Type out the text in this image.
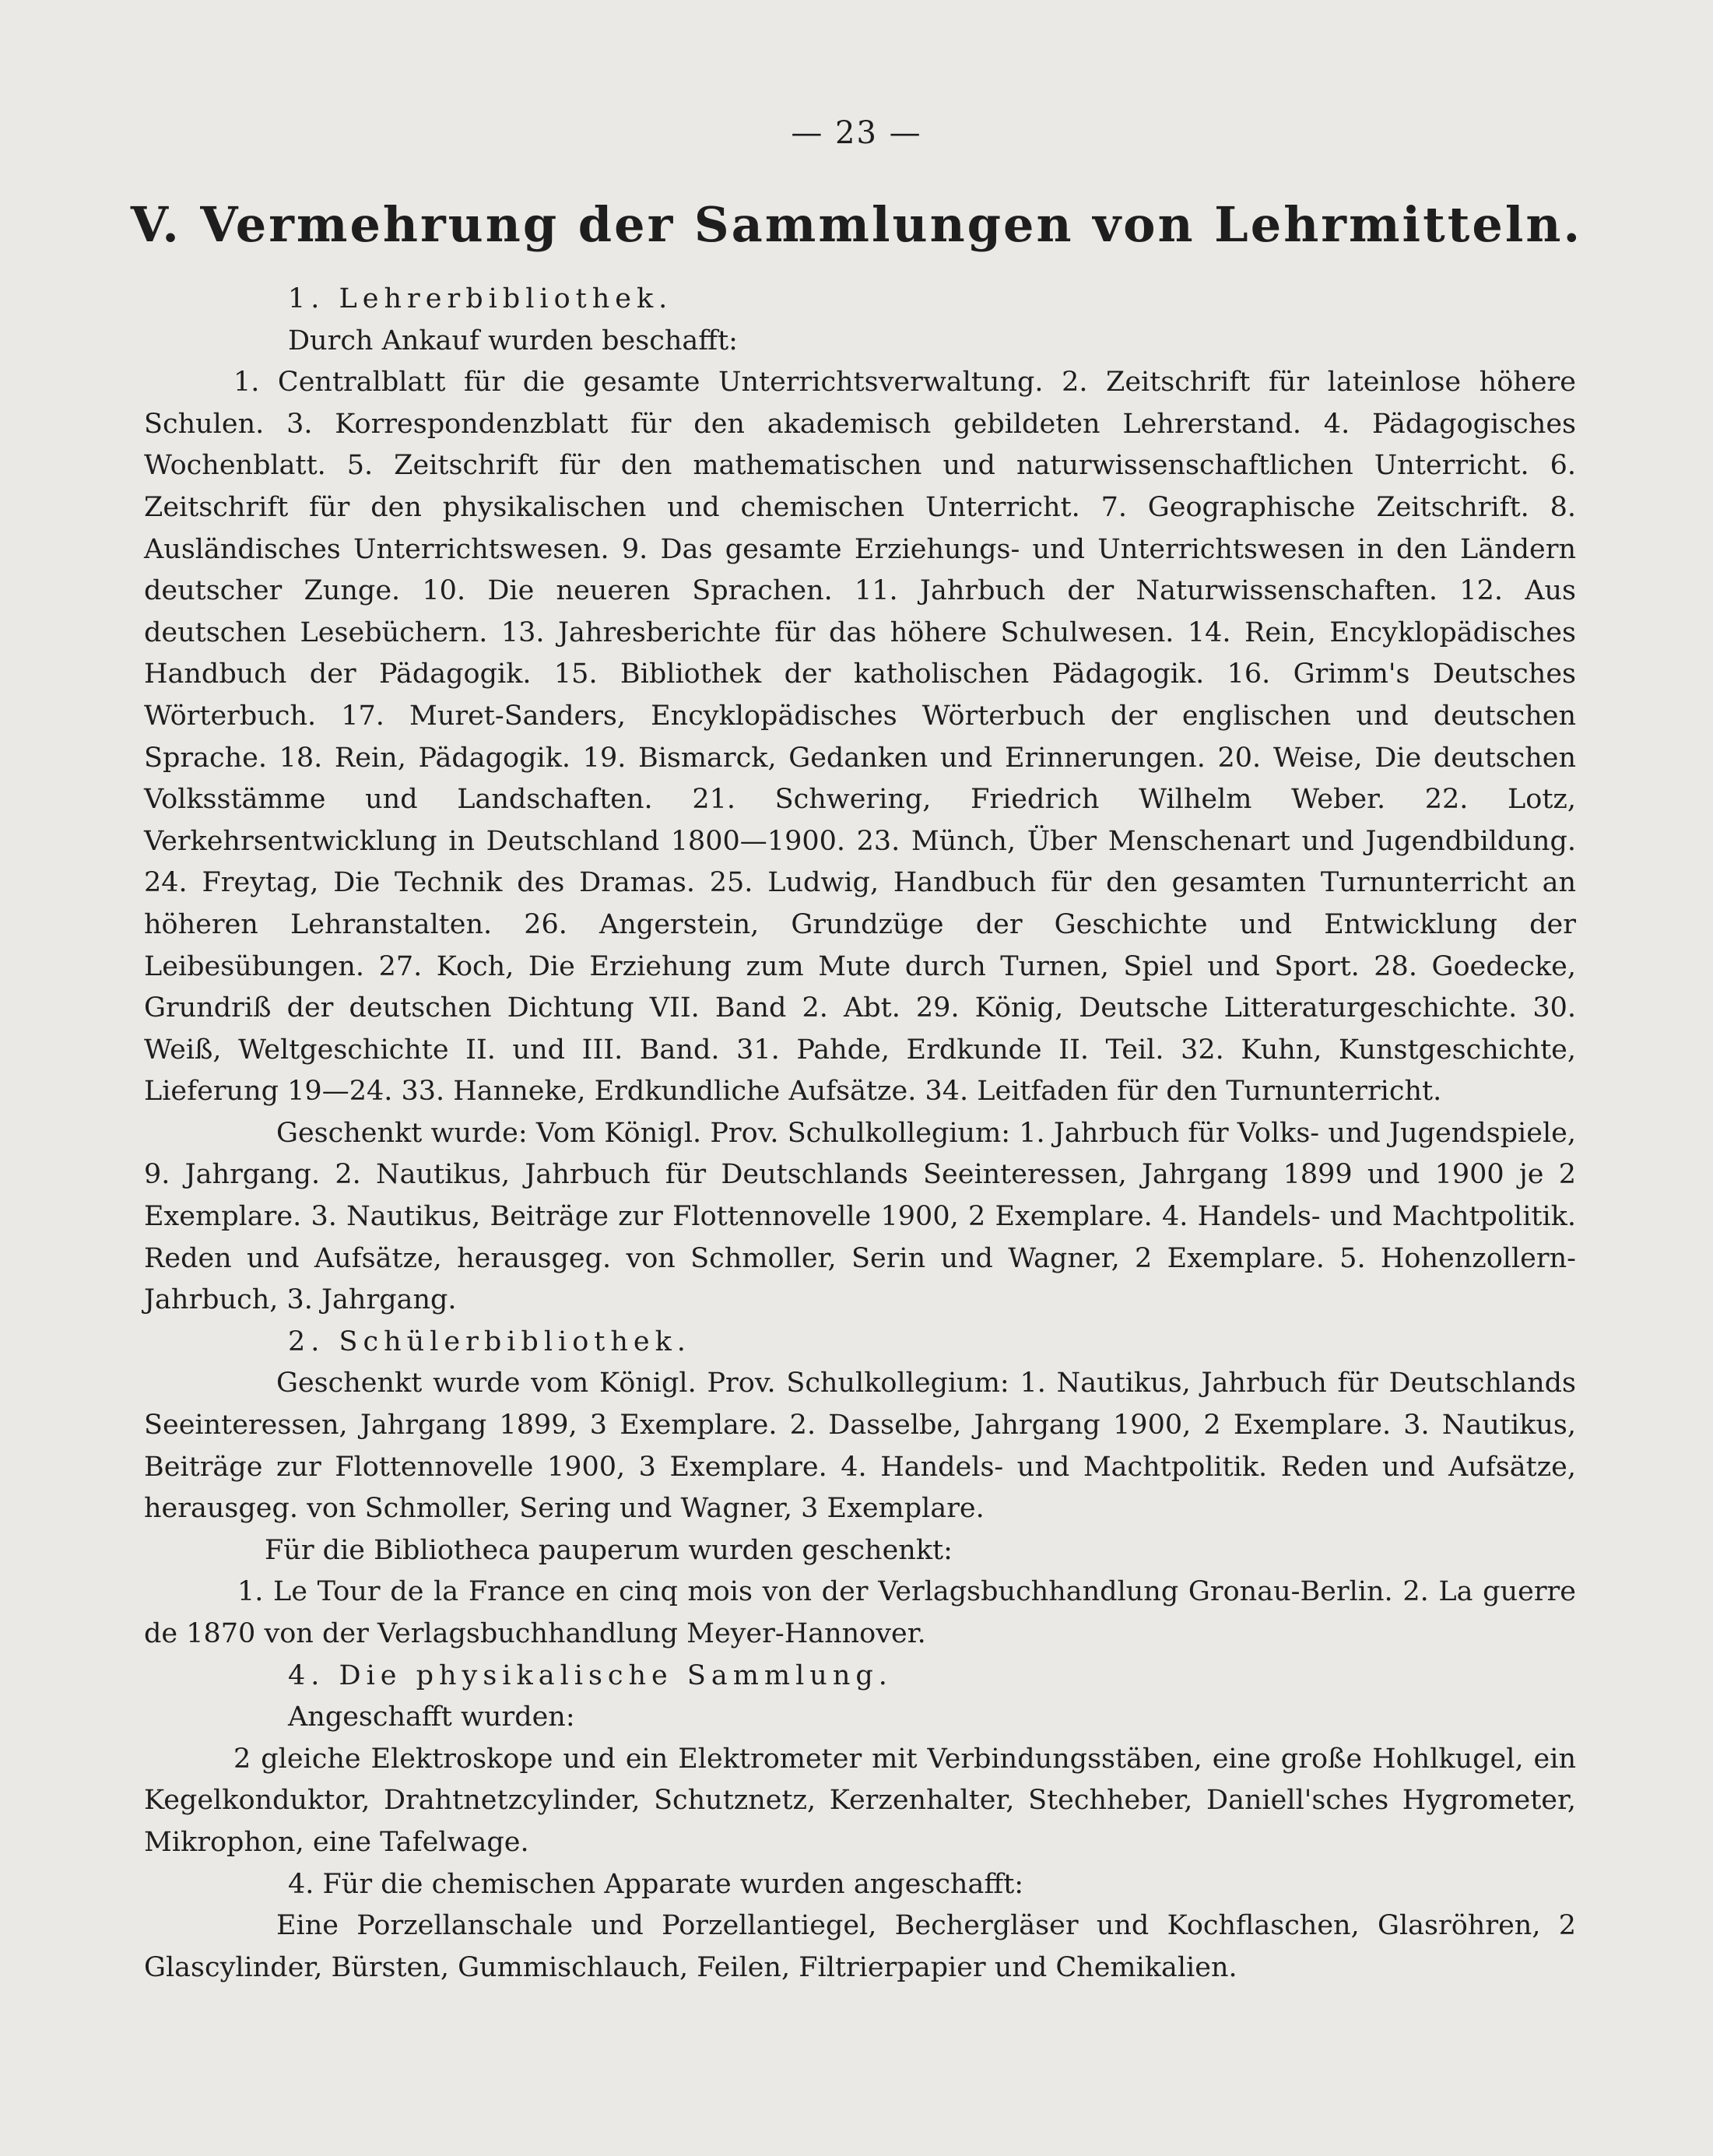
— 23 —
V. Vermehrung der Sammlungen von Lehrmitteln.

1. Lehrerbibliothek.

Durch Ankauf wurden beschafft:

1. Centralblatt für die gesamte Unterrichtsverwaltung. 2. Zeitschrift für lateinlose höhere Schulen. 3. Korrespondenzblatt für den akademisch gebildeten Lehrerstand. 4. Pädagogisches Wochenblatt. 5. Zeitschrift für den mathematischen und naturwissenschaftlichen Unterricht. 6. Zeitschrift für den physikalischen und chemischen Unterricht. 7. Geographische Zeitschrift. 8. Ausländisches Unterrichtswesen. 9. Das gesamte Erziehungs- und Unterrichtswesen in den Ländern deutscher Zunge. 10. Die neueren Sprachen. 11. Jahrbuch der Naturwissenschaften. 12. Aus deutschen Lesebüchern. 13. Jahresberichte für das höhere Schulwesen. 14. Rein, Encyklopädisches Handbuch der Pädagogik. 15. Bibliothek der katholischen Pädagogik. 16. Grimm's Deutsches Wörterbuch. 17. Muret-Sanders, Encyklopädisches Wörterbuch der englischen und deutschen Sprache. 18. Rein, Pädagogik. 19. Bismarck, Gedanken und Erinnerungen. 20. Weise, Die deutschen Volksstämme und Landschaften. 21. Schwering, Friedrich Wilhelm Weber. 22. Lotz, Verkehrsentwicklung in Deutschland 1800—1900. 23. Münch, Über Menschenart und Jugendbildung. 24. Freytag, Die Technik des Dramas. 25. Ludwig, Handbuch für den gesamten Turnunterricht an höheren Lehranstalten. 26. Angerstein, Grundzüge der Geschichte und Entwicklung der Leibesübungen. 27. Koch, Die Erziehung zum Mute durch Turnen, Spiel und Sport. 28. Goedecke, Grundriß der deutschen Dichtung VII. Band 2. Abt. 29. König, Deutsche Litteraturgeschichte. 30. Weiß, Weltgeschichte II. und III. Band. 31. Pahde, Erdkunde II. Teil. 32. Kuhn, Kunstgeschichte, Lieferung 19—24. 33. Hanneke, Erdkundliche Aufsätze. 34. Leitfaden für den Turnunterricht.

Geschenkt wurde: Vom Königl. Prov. Schulkollegium: 1. Jahrbuch für Volks- und Jugendspiele, 9. Jahrgang. 2. Nautikus, Jahrbuch für Deutschlands Seeinteressen, Jahrgang 1899 und 1900 je 2 Exemplare. 3. Nautikus, Beiträge zur Flottennovelle 1900, 2 Exemplare. 4. Handels- und Machtpolitik. Reden und Aufsätze, herausgeg. von Schmoller, Serin und Wagner, 2 Exemplare. 5. Hohenzollern-Jahrbuch, 3. Jahrgang.

2. Schülerbibliothek.

Geschenkt wurde vom Königl. Prov. Schulkollegium: 1. Nautikus, Jahrbuch für Deutschlands Seeinteressen, Jahrgang 1899, 3 Exemplare. 2. Dasselbe, Jahrgang 1900, 2 Exemplare. 3. Nautikus, Beiträge zur Flottennovelle 1900, 3 Exemplare. 4. Handels- und Machtpolitik. Reden und Aufsätze, herausgeg. von Schmoller, Sering und Wagner, 3 Exemplare.

Für die Bibliotheca pauperum wurden geschenkt:

1. Le Tour de la France en cinq mois von der Verlagsbuchhandlung Gronau-Berlin. 2. La guerre de 1870 von der Verlagsbuchhandlung Meyer-Hannover.

4. Die physikalische Sammlung.

Angeschafft wurden:

2 gleiche Elektroskope und ein Elektrometer mit Verbindungsstäben, eine große Hohlkugel, ein Kegelkonduktor, Drahtnetzcylinder, Schutznetz, Kerzenhalter, Stechheber, Daniell'sches Hygrometer, Mikrophon, eine Tafelwage.

4. Für die chemischen Apparate wurden angeschafft:

Eine Porzellanschale und Porzellantiegel, Bechergläser und Kochflaschen, Glasröhren, 2 Glascylinder, Bürsten, Gummischlauch, Feilen, Filtrierpapier und Chemikalien.
